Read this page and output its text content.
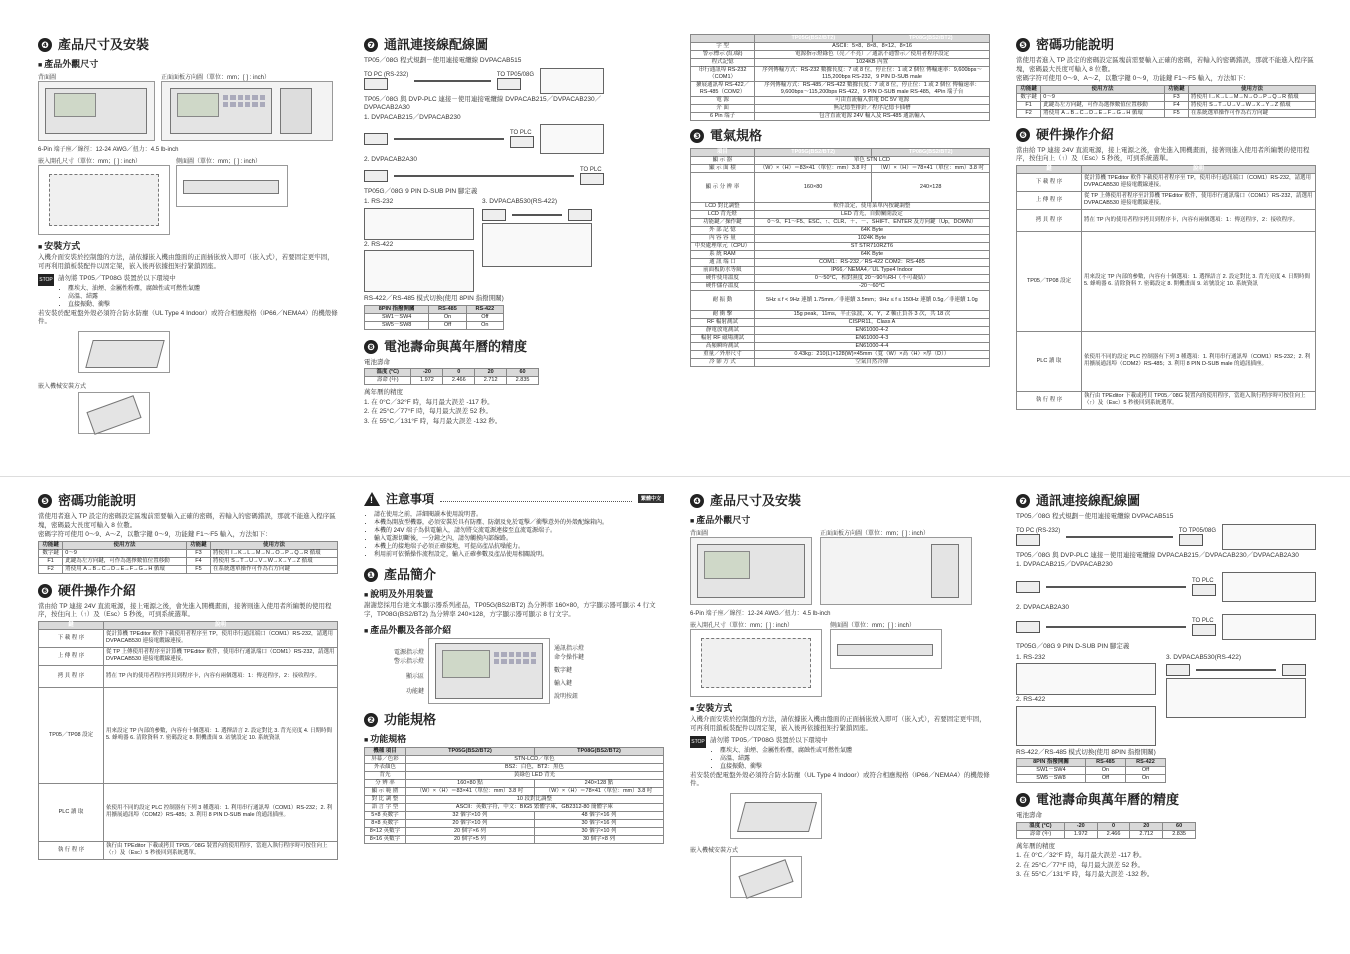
❹ 產品尺寸及安裝
■ 產品外觀尺寸
背面圖	正面面板方向圖（單位：mm；[ ] : inch）
6-Pin 端子座／線徑：12-24 AWG／扭力：4.5 lb-inch
嵌入開孔尺寸（單位：mm；[ ] : inch）	側面圖（單位：mm；[ ] : inch）
■ 安裝方式
入機介面安裝於控制盤的方法，請依據嵌入機由盤面的正面插嵌放入即可（嵌入式），若要固定更牢固，可再利用鎖板裝配件以固定架，嵌入後再依據扭矩拧緊鎖固座。
STOP 請勿將 TP05／TP08G 裝置於以下環境中
• 塵埃大、油煙、金屬性粉塵，腐蝕性或可燃性氣體
• 高溫、結露
• 直接振動、衝擊
若安裝於配電盤外殼必須符合防水防塵（UL Type 4 Indoor）或符合相應規格（IP66／NEMA4）的機殼條件。
嵌入機械安裝方式
❼ 通訊連接線配線圖
TP05／08G 程式規劃－使用連接電纜線 DVPACAB515
TO PC (RS-232)	TO TP05/08G
TP05／08G 與 DVP-PLC 連接－使用連接電纜線 DVPACAB215／DVPACAB230／DVPACAB2A30
1. DVPACAB215／DVPACAB230
TO PLC
2. DVPACAB2A30
TO PLC
TP05G／08G 9 PIN D-SUB PIN 腳定義
1. RS-232
2. RS-422
3. DVPACAB530(RS-422)
RS-422／RS-485 模式切換(使用 8PIN 指撥開關)
8PIN 指撥開關	RS-485	RS-422
SW1－SW4	On	Off
SW5－SW8	Off	On
❽ 電池壽命與萬年曆的精度
電池壽命
溫度 (°C)	-20	0	20	60
壽命 (年)	1.972	2.466	2.712	2.835
萬年曆的精度
1. 在 0°C／32°F 時，每月最大誤差 -117 秒。
2. 在 25°C／77°F 時，每月最大誤差 52 秒。
3. 在 55°C／131°F 時，每月最大誤差 -132 秒。
	TP05G(BS2/BT2)	TP08G(BS2/BT2)
字 型	ASCII：5×8、8×8、8×12、8×16	
警示標示 (紅/綠)	電源指示燈綠色（亮／不亮）／通訊不通警示／使用者程序設定	
程式記憶	1024KB 內置	
串行通訊埠 RS-232（COM1）	序列傳輸方式：RS-232 數據長度：7 或 8 位，停止位：1 或 2 個位 傳輸速率：9,600bps～115,200bps RS-232，9 PIN D-SUB male	
擴展通訊埠 RS-422／RS-485（COM2）	序列傳輸方式：RS-485／RS-422 數據長度：7 或 8 位，停止位：1 或 2 個位 傳輸速率：9,600bps～115,200bps RS-422，9 PIN D-SUB male RS-485，4Pin 端子台	
電 源	可由直流輸入供電 DC 5V 電源	
介 面	無記憶型排針／程序記憶卡插槽	
6 Pin 端子	包含直流電源 24V 輸入及 RS-485 通訊輸入	
❸ 電氣規格
項目	TP05G(BS2/BT2)	TP08G(BS2/BT2)
顯 示 器	單色 STN LCD	
顯 示 面 積	（W）×（H）＝83×41（單位：mm）3.8 吋	（W）×（H）＝78×41（單位：mm）3.8 吋
顯 示 分 辨 率	160×80	240×128
LCD 對比調整	軟件設定，使用菜單內按鍵調整	
LCD 背光燈	LED 背光，自動關閉設定	
功能鍵／操作鍵	0～9、F1～F5、ESC、↑、CLR、＋、－、SHIFT、ENTER 及方向鍵（Up，DOWN）	
外 部 記 憶	64K Byte	
內 容 容 量	1024K Byte	
中央處理單元（CPU）	ST STR710RZT6	
系 統 RAM	64K Byte	
通 訊 端 口	COM1：RS-232／RS-422 COM2：RS-485	
前面板防水等級	IP66／NEMA4／UL Type4 Indoor	
硬件使用溫度	0～50°C，相對濕度 20～90％RH（不可凝結）	
硬件儲存溫度	-20～60°C	
耐 振 動	5Hz ≤ f < 9Hz 連續 1.75mm／非連續 3.5mm；9Hz ≤ f ≤ 150Hz 連續 0.5g／非連續 1.0g	
耐 衝 擊	15g peak，11ms，半正弦波，X，Y，Z 軸正負各 3 次，共 18 次	
RF 輻射測試	CISPR11，Class A	
靜電放電測試	EN61000-4-2	
輻射 RF 磁場測試	EN61000-4-3	
高頻瞬時測試	EN61000-4-4	
重量／外形尺寸	0.43kg：210(L)×128(W)×45mm（寬（W）×高（H）×厚（D））	
冷 卻 方 式	空氣自然冷卻	
❺ 密碼功能說明
當使用者進入 TP 設定的密碼設定區塊前需要輸入正確的密碼，若輸入的密碼錯誤，那就不能進入程序區塊，密碼最大長度可輸入 8 位數。
密碼字符可使用 0～9、A～Z，以數字鍵 0～9，功能鍵 F1～F5 輸入，方法如下：
功能鍵	使用方法	功能鍵	使用方法
數字鍵	0～9	F3	將使用 I→K→L→M→N→O→P→Q→R 循環
F1	此鍵為左方向鍵，可作為選擇數值位置移動	F4	將使用 S→T→U→V→W→X→Y→Z 循環
F2	將使用 A→B→C→D→E→F→G→H 循環	F5	在系統選單操作可作為右方向鍵
❻ 硬件操作介紹
當由給 TP 連接 24V 直流電源，接上電源之後，會先進入開機畫面，接著則進入使用者所編製的使用程序，按住向上（↑）及（Esc）5 秒後，可到系統選單。
鍵	說明
下 載 程 序	從計算機 TPEditor 軟件下載使用者程序至 TP，使用串行通訊端口（COM1）RS-232，請選用 DVPACAB530 連接電纜線連接。
上 傳 程 序	從 TP 上傳使用者程序至計算機 TPEditor 軟件，使用串行通訊端口（COM1）RS-232，請選用 DVPACAB530 連接電纜線連接。
拷 貝 程 序	將在 TP 內的使用者程序拷貝到程序卡，內容有兩個選項：1：傳送程序，2：接收程序。
TP05／TP08 設定	用來設定 TP 內部的參數，內容有十個選項：1. 選擇語言 2. 設定對比 3. 背光亮度 4. 日期時間 5. 蜂鳴器 6. 清除資料 7. 密碼設定 8. 開機畫面 9. 站號設定 10. 系統資訊
PLC 讀 取	依使用不同的設定 PLC 控制器有下列 3 種選項：1. 利用串行通訊埠（COM1）RS-232；2. 利用擴展通訊埠（COM2）RS-485；3. 利用 8 PIN D-SUB male 的通訊插座。
執 行 程 序	執行由 TPEditor 下載或拷貝 TP05／08G 裝置內的使用程序，當進入執行程序時可按住向上（↑）及（Esc）5 秒後回到系統選單。
❺ 密碼功能說明
當使用者進入 TP 設定的密碼設定區塊前需要輸入正確的密碼，若輸入的密碼錯誤，那就不能進入程序區塊，密碼最大長度可輸入 8 位數。
密碼字符可使用 0～9、A～Z，以數字鍵 0～9，功能鍵 F1～F5 輸入，方法如下：
功能鍵	使用方法	功能鍵	使用方法
數字鍵	0～9	F3	將使用 I→K→L→M→N→O→P→Q→R 循環
F1	此鍵為左方向鍵，可作為選擇數值位置移動	F4	將使用 S→T→U→V→W→X→Y→Z 循環
F2	將使用 A→B→C→D→E→F→G→H 循環	F5	在系統選單操作可作為右方向鍵
❻ 硬件操作介紹
當由給 TP 連接 24V 直流電源，接上電源之後，會先進入開機畫面，接著則進入使用者所編製的使用程序，按住向上（↑）及（Esc）5 秒後，可到系統選單。
鍵	說明
下 載 程 序	從計算機 TPEditor 軟件下載使用者程序至 TP，使用串行通訊端口（COM1）RS-232，請選用 DVPACAB530 連接電纜線連接。
上 傳 程 序	從 TP 上傳使用者程序至計算機 TPEditor 軟件，使用串行通訊端口（COM1）RS-232，請選用 DVPACAB530 連接電纜線連接。
拷 貝 程 序	將在 TP 內的使用者程序拷貝到程序卡，內容有兩個選項：1：傳送程序，2：接收程序。
TP05／TP08 設定	用來設定 TP 內部的參數，內容有十個選項：1. 選擇語言 2. 設定對比 3. 背光亮度 4. 日期時間 5. 蜂鳴器 6. 清除資料 7. 密碼設定 8. 開機畫面 9. 站號設定 10. 系統資訊
PLC 讀 取	依使用不同的設定 PLC 控制器有下列 3 種選項：1. 利用串行通訊埠（COM1）RS-232；2. 利用擴展通訊埠（COM2）RS-485；3. 利用 8 PIN D-SUB male 的通訊插座。
執 行 程 序	執行由 TPEditor 下載或拷貝 TP05／08G 裝置內的使用程序，當進入執行程序時可按住向上（↑）及（Esc）5 秒後回到系統選單。
!
注意事項	繁體中文
• 請在使用之前，詳細閱讀本使用說明書。
• 本機為開放型機器，必須安裝於具有防塵、防潮及免於電擊／衝擊意外的外殼配線箱內。
• 本機的 24V 端子為供電輸入，請勿將交流電源連接至直流電源端子。
• 輸入電源切斷後，一分鐘之內，請勿觸摸內部線路。
• 本機上的接地端子必須正確接地，可提高產品抗噪能力。
• 利用前可依循操作流程設定，輸入正確參數及產品使用相關說明。
❶ 產品簡介
■ 說明及外用裝置
謝謝您採用台達文本顯示器系列產品，TP05G(BS2/BT2) 為分辨率 160×80，方字顯示器可顯示 4 行文字，TP08G(BS2/BT2) 為分辨率 240×128，方字顯示器可顯示 8 行文字。
■ 產品外觀及各部介紹
電源指示燈
警示指示燈
顯示區
功能鍵
通訊指示燈
命令操作鍵
數字鍵
輸入鍵
說明按鈕
❷ 功能規格
■ 功能規格
機種 項目	TP05G(BS2/BT2)	TP08G(BS2/BT2)
屏幕／色彩	STN-LCD／單色	
外表顏色	BS2：白色，BT2：黑色	
背光	黃綠色 LED 背光	
分 辨 率	160×80 點	240×128 點
顯 示 範 圍	（W）×（H）＝83×41（單位：mm）3.8 吋	（W）×（H）＝78×41（單位：mm）3.8 吋
對 比 調 整	10 段對比調整	
語 言 字 型	ASCII：英數字符，中文：BIG5 繁體字庫，GB2312-80 簡體字庫	
5×8 英數字	32 個字×10 列	48 個字×16 列
8×8 英數字	20 個字×10 列	30 個字×16 列
8×12 英數字	20 個字×6 列	30 個字×10 列
8×16 英數字	20 個字×5 列	30 個字×8 列
❹ 產品尺寸及安裝
■ 產品外觀尺寸
背面圖	正面面板方向圖（單位：mm；[ ] : inch）
6-Pin 端子座／線徑：12-24 AWG／扭力：4.5 lb-inch
嵌入開孔尺寸（單位：mm；[ ] : inch）	側面圖（單位：mm；[ ] : inch）
■ 安裝方式
入機介面安裝於控制盤的方法，請依據嵌入機由盤面的正面插嵌放入即可（嵌入式），若要固定更牢固，可再利用鎖板裝配件以固定架，嵌入後再依據扭矩拧緊鎖固座。
STOP 請勿將 TP05／TP08G 裝置於以下環境中
• 塵埃大、油煙、金屬性粉塵，腐蝕性或可燃性氣體
• 高溫、結露
• 直接振動、衝擊
若安裝於配電盤外殼必須符合防水防塵（UL Type 4 Indoor）或符合相應規格（IP66／NEMA4）的機殼條件。
嵌入機械安裝方式
❼ 通訊連接線配線圖
TP05／08G 程式規劃－使用連接電纜線 DVPACAB515
TO PC (RS-232)	TO TP05/08G
TP05／08G 與 DVP-PLC 連接－使用連接電纜線 DVPACAB215／DVPACAB230／DVPACAB2A30
1. DVPACAB215／DVPACAB230
TO PLC
2. DVPACAB2A30
TO PLC
TP05G／08G 9 PIN D-SUB PIN 腳定義
1. RS-232
2. RS-422
3. DVPACAB530(RS-422)
RS-422／RS-485 模式切換(使用 8PIN 指撥開關)
8PIN 指撥開關	RS-485	RS-422
SW1－SW4	On	Off
SW5－SW8	Off	On
❽ 電池壽命與萬年曆的精度
電池壽命
溫度 (°C)	-20	0	20	60
壽命 (年)	1.972	2.466	2.712	2.835
萬年曆的精度
1. 在 0°C／32°F 時，每月最大誤差 -117 秒。
2. 在 25°C／77°F 時，每月最大誤差 52 秒。
3. 在 55°C／131°F 時，每月最大誤差 -132 秒。
